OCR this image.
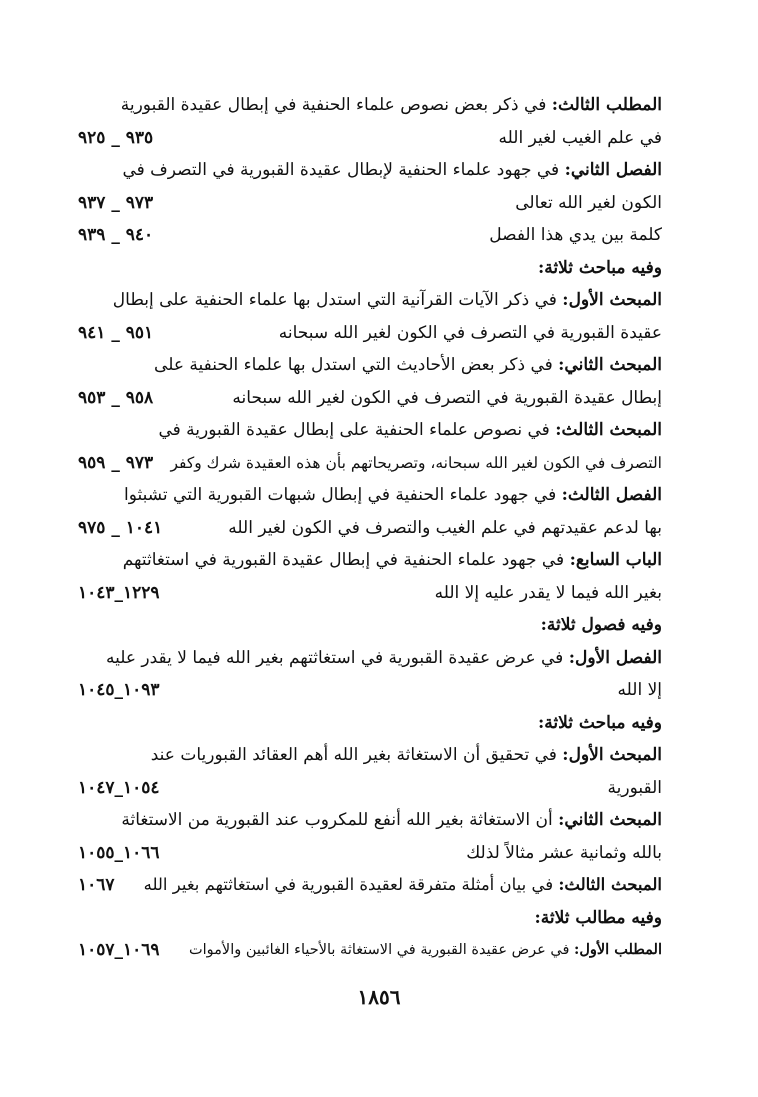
المطلب الثالث: في ذكر بعض نصوص علماء الحنفية في إبطال عقيدة القبورية
في علم الغيب لغير الله
٩٣٥ _ ٩٢٥
الفصل الثاني: في جهود علماء الحنفية لإبطال عقيدة القبورية في التصرف في
الكون لغير الله تعالى
٩٧٣ _ ٩٣٧
كلمة بين يدي هذا الفصل
٩٤٠ _ ٩٣٩
وفيه مباحث ثلاثة:
المبحث الأول: في ذكر الآيات القرآنية التي استدل بها علماء الحنفية على إبطال
عقيدة القبورية في التصرف في الكون لغير الله سبحانه
٩٥١ _ ٩٤١
المبحث الثاني: في ذكر بعض الأحاديث التي استدل بها علماء الحنفية على
إبطال عقيدة القبورية في التصرف في الكون لغير الله سبحانه
٩٥٨ _ ٩٥٣
المبحث الثالث: في نصوص علماء الحنفية على إبطال عقيدة القبورية في
التصرف في الكون لغير الله سبحانه، وتصريحاتهم بأن هذه العقيدة شرك وكفر
٩٧٣ _ ٩٥٩
الفصل الثالث: في جهود علماء الحنفية في إبطال شبهات القبورية التي تشبثوا
بها لدعم عقيدتهم في علم الغيب والتصرف في الكون لغير الله
١٠٤١ _ ٩٧٥
الباب السابع: في جهود علماء الحنفية في إبطال عقيدة القبورية في استغاثتهم
بغير الله فيما لا يقدر عليه إلا الله
١٢٢٩_١٠٤٣
وفيه فصول ثلاثة:
الفصل الأول: في عرض عقيدة القبورية في استغاثتهم بغير الله فيما لا يقدر عليه
إلا الله
١٠٩٣_١٠٤٥
وفيه مباحث ثلاثة:
المبحث الأول: في تحقيق أن الاستغاثة بغير الله أهم العقائد القبوريات عند
القبورية
١٠٥٤_١٠٤٧
المبحث الثاني: أن الاستغاثة بغير الله أنفع للمكروب عند القبورية من الاستغاثة
بالله وثمانية عشر مثالاً لذلك
١٠٦٦_١٠٥٥
المبحث الثالث: في بيان أمثلة متفرقة لعقيدة القبورية في استغاثتهم بغير الله
١٠٦٧
وفيه مطالب ثلاثة:
المطلب الأول: في عرض عقيدة القبورية في الاستغاثة بالأحياء الغائبين والأموات
١٠٦٩_١٠٥٧
١٨٥٦
